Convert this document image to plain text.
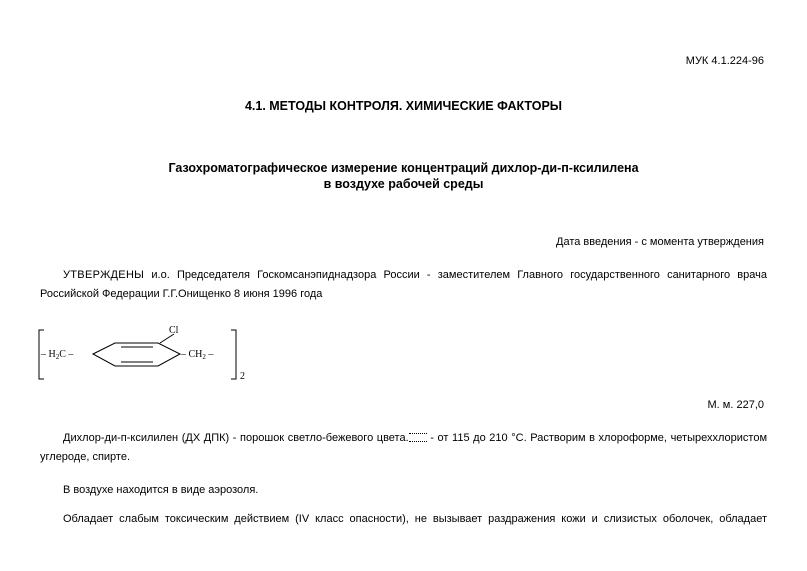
МУК 4.1.224-96
4.1. МЕТОДЫ КОНТРОЛЯ. ХИМИЧЕСКИЕ ФАКТОРЫ
Газохроматографическое измерение концентраций дихлор-ди-п-ксилилена
в воздухе рабочей среды
Дата введения - с момента утверждения
УТВЕРЖДЕНЫ и.о. Председателя Госкомсанэпиднадзора России - заместителем Главного государственного санитарного врача Российской Федерации Г.Г.Онищенко 8 июня 1996 года
– $H_2C$ –
Cl
– $CH_2$ –
2
М. м. 227,0
Дихлор-ди-п-ксилилен (ДХ ДПК) - порошок светло-бежевого цвета. - от 115 до 210 °С. Растворим в хлороформе, четыреххлористом углероде, спирте.
В воздухе находится в виде аэрозоля.
Обладает слабым токсическим действием (IV класс опасности), не вызывает раздражения кожи и слизистых оболочек, обладает
